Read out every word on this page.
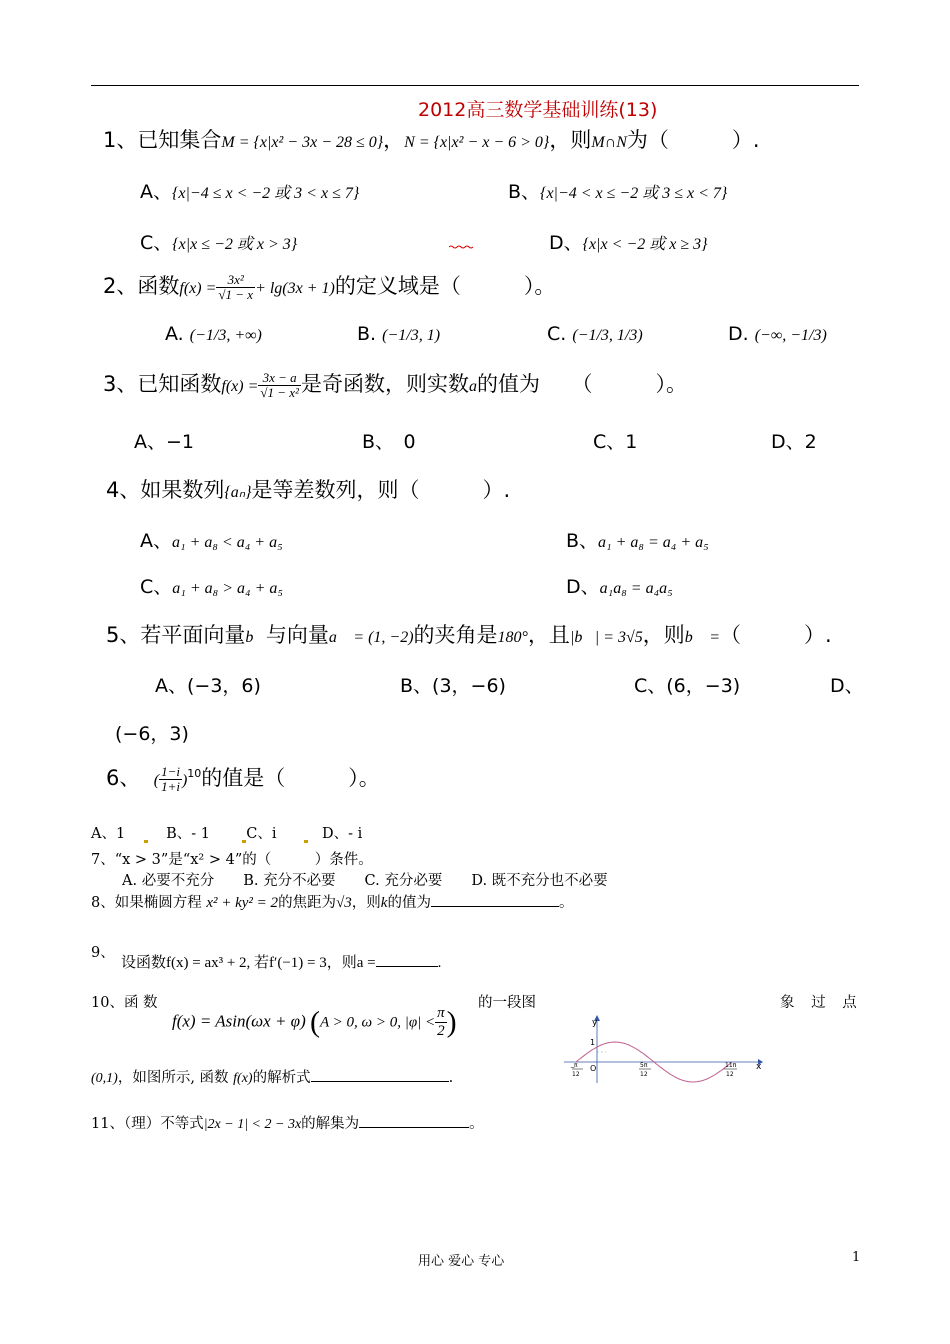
2012高三数学基础训练(13)
1、已知集合M = {x|x² − 3x − 28 ≤ 0}，N = {x|x² − x − 6 > 0}，则M∩N为（　　　）.
A、{x|−4 ≤ x < −2 或 3 < x ≤ 7}	B、{x|−4 < x ≤ −2 或 3 ≤ x < 7}
C、{x|x ≤ −2 或 x > 3}	D、{x|x < −2 或 x ≥ 3}
2、函数$f(x) = \frac{\text{3x²}}{√1 - x} + \lg(3x + 1)$的定义域是（　　　）。
A. (−1/3, +∞)	B. (−1/3, 1)	C. (−1/3, 1/3)	D. (−∞, −1/3)
3、已知函数$f(x) = \frac{3x - a}{\text{√1 − x²}}$ 是奇函数，则实数a的值为　　（　　　）。
A、−1	B、　0	C、1	D、2
4、如果数列{aₙ}是等差数列，则（　　　）.
A、a₁ + a₈ < a₄ + a₅	B、a₁ + a₈ = a₄ + a₅
C、a₁ + a₈ > a₄ + a₅	D、a₁a₈ = a₄a₅
5、若平面向量b⃗与向量a⃗ = (1, −2)的夹角是180°，且|b⃗| = 3√5，则b⃗ =（　　　）.
A、(−3，6)	B、(3，−6)	C、(6，−3)	D、
(−6，3)
6、 ( $\frac{1-i}{1+i} )^{10}$的值是（　　　）。
A、1	B、- 1	C、i	D、- i
7、“x > 3”是“x² > 4”的（　　　）条件。
A. 必要不充分　　B. 充分不必要　　C. 充分必要　　D. 既不充分也不必要
8、如果椭圆方程 x² + ky² = 2的焦距为√3，则k的值为	。
9、
设函数f(x) = ax³ + 2, 若f′(−1) = 3，则a =	.
10、函 数
f(x) = Asin(ωx + φ) (A > 0, ω > 0, $|\varphi| < \frac{\pi}{2}$ )
的一段图	象 过 点
(0,1)，如图所示, 函数 f(x)的解析式	.
y
x
1
O
−
π
12
5π
12
11π
12
11、（理）不等式|2x − 1| < 2 − 3x的解集为	。
用心 爱心 专心	1
